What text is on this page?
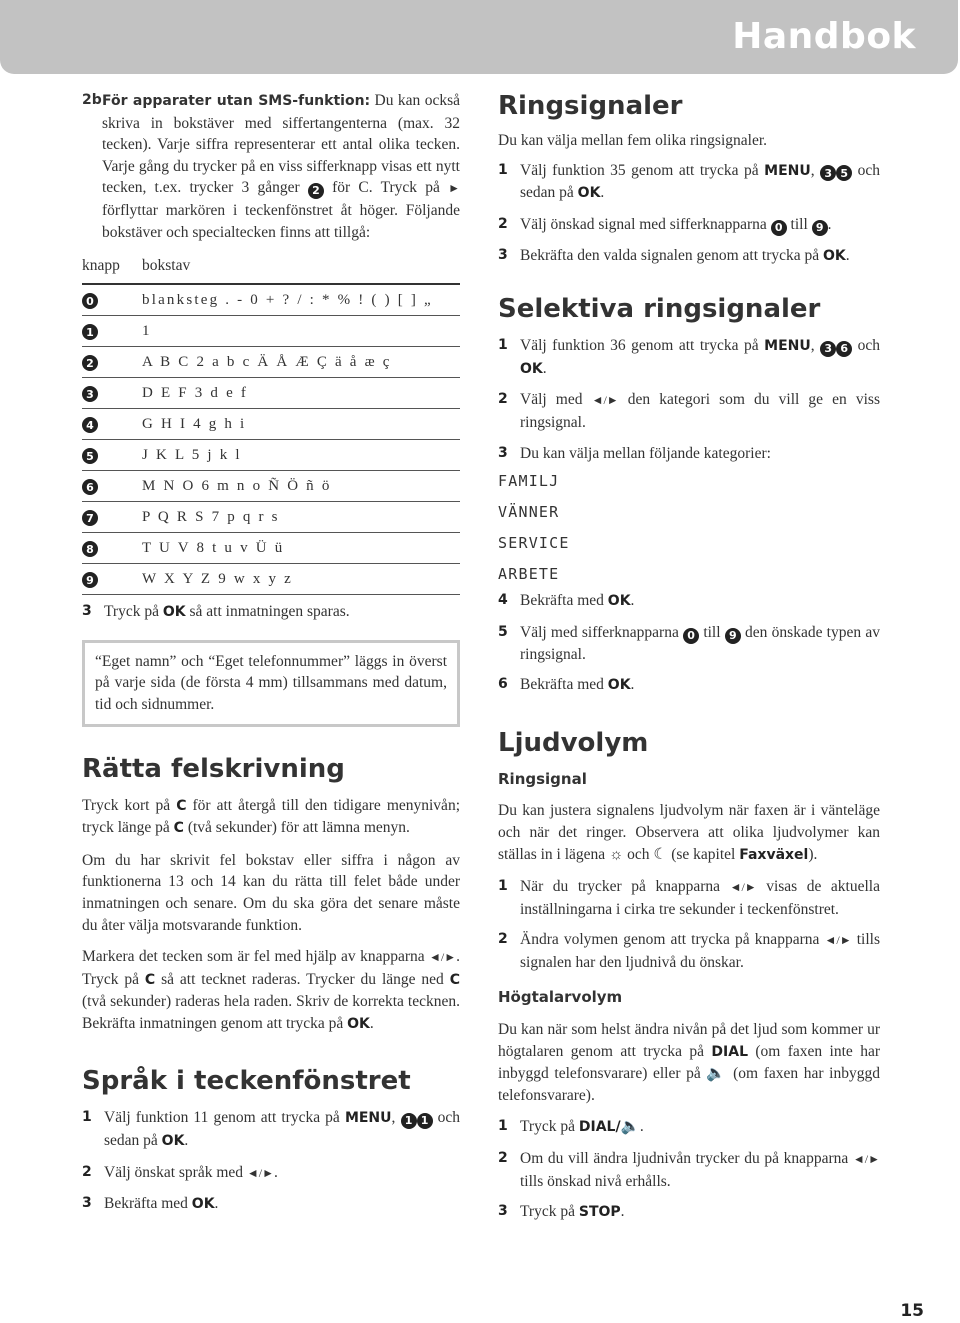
Handbok
2b För apparater utan SMS-funktion: Du kan också skriva in bokstäver med siffertangenterna (max. 32 tecken). Varje siffra representerar ett antal olika tecken. Varje gång du trycker på en viss sifferknapp visas ett nytt tecken, t.ex. trycker 3 gånger 2 för C. Tryck på ► förflyttar markören i teckenfönstret åt höger. Följande bokstäver och specialtecken finns att tillgå:

knapp	bokstav
0	blanksteg . - 0 + ? / : * % ! ( ) [ ] „
1	1
2	A B C 2 a b c Ä Å Æ Ç ä å æ ç
3	D E F 3 d e f
4	G H I 4 g h i
5	J K L 5 j k l
6	M N O 6 m n o Ñ Ö ñ ö
7	P Q R S 7 p q r s
8	T U V 8 t u v Ü ü
9	W X Y Z 9 w x y z
3 Tryck på OK så att inmatningen sparas.

“Eget namn” och “Eget telefonnummer” läggs in överst på varje sida (de första 4 mm) tillsammans med datum, tid och sidnummer.

Rätta felskrivning

Tryck kort på C för att återgå till den tidigare menynivån; tryck länge på C (två sekunder) för att lämna menyn.

Om du har skrivit fel bokstav eller siffra i någon av funktionerna 13 och 14 kan du rätta till felet både under inmatningen och senare. Om du ska göra det senare måste du åter välja motsvarande funktion.

Markera det tecken som är fel med hjälp av knapparna ◄/►. Tryck på C så att tecknet raderas. Trycker du länge ned C (två sekunder) raderas hela raden. Skriv de korrekta tecknen. Bekräfta inmatningen genom att trycka på OK.

Språk i teckenfönstret
1 Välj funktion 11 genom att trycka på MENU, 1 1 och sedan på OK.
2 Välj önskat språk med ◄/►.
3 Bekräfta med OK.
Ringsignaler

Du kan välja mellan fem olika ringsignaler.

1 Välj funktion 35 genom att trycka på MENU, 3 5 och sedan på OK.
2 Välj önskad signal med sifferknapparna 0 till 9 .
3 Bekräfta den valda signalen genom att trycka på OK.
Selektiva ringsignaler
1 Välj funktion 36 genom att trycka på MENU, 3 6 och OK.
2 Välj med ◄/► den kategori som du vill ge en viss ringsignal.
3 Du kan välja mellan följande kategorier:
FAMILJ
VÄNNER
SERVICE
ARBETE
4 Bekräfta med OK.
5 Välj med sifferknapparna 0 till 9 den önskade typen av ringsignal.
6 Bekräfta med OK.
Ljudvolym
Ringsignal

Du kan justera signalens ljudvolym när faxen är i vänteläge och när det ringer. Observera att olika ljudvolymer kan ställas in i lägena ☼ och ☾ (se kapitel Faxväxel).

1 När du trycker på knapparna ◄/► visas de aktuella inställningarna i cirka tre sekunder i teckenfönstret.
2 Ändra volymen genom att trycka på knapparna ◄/► tills signalen har den ljudnivå du önskar.
Högtalarvolym

Du kan när som helst ändra nivån på det ljud som kommer ur högtalaren genom att trycka på DIAL (om faxen inte har inbyggd telefonsvarare) eller på 🔈 (om faxen har inbyggd telefonsvarare).

1 Tryck på DIAL/🔈.
2 Om du vill ändra ljudnivån trycker du på knapparna ◄/► tills önskad nivå erhålls.
3 Tryck på STOP.
15
